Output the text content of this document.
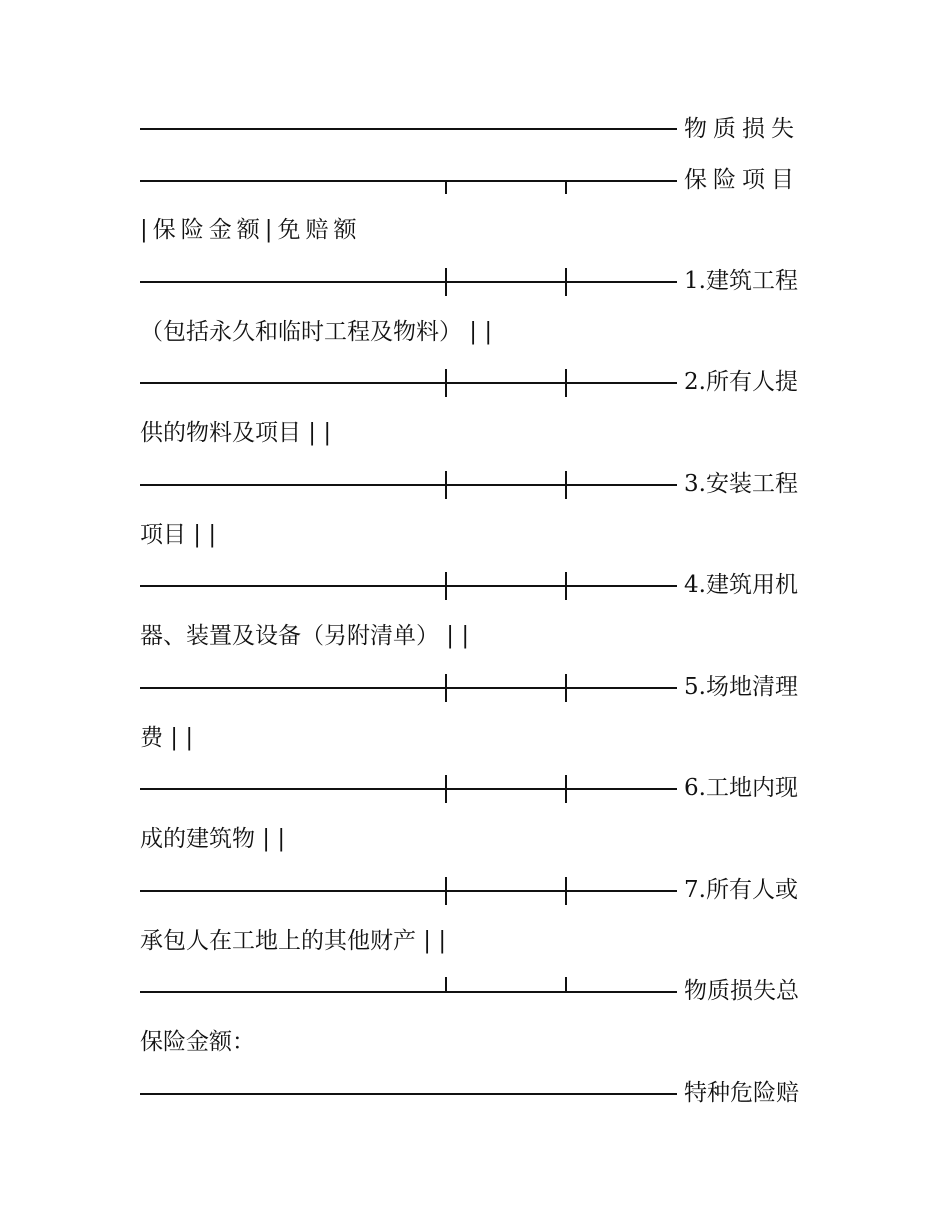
物质损失
保险项目
|保险金额|免赔额
1.建筑工程
（包括永久和临时工程及物料） | |
2.所有人提
供的物料及项目 | |
3.安装工程
项目 | |
4.建筑用机
器、装置及设备（另附清单） | |
5.场地清理
费 | |
6.工地内现
成的建筑物 | |
7.所有人或
承包人在工地上的其他财产 | |
物质损失总
保险金额：
特种危险赔
